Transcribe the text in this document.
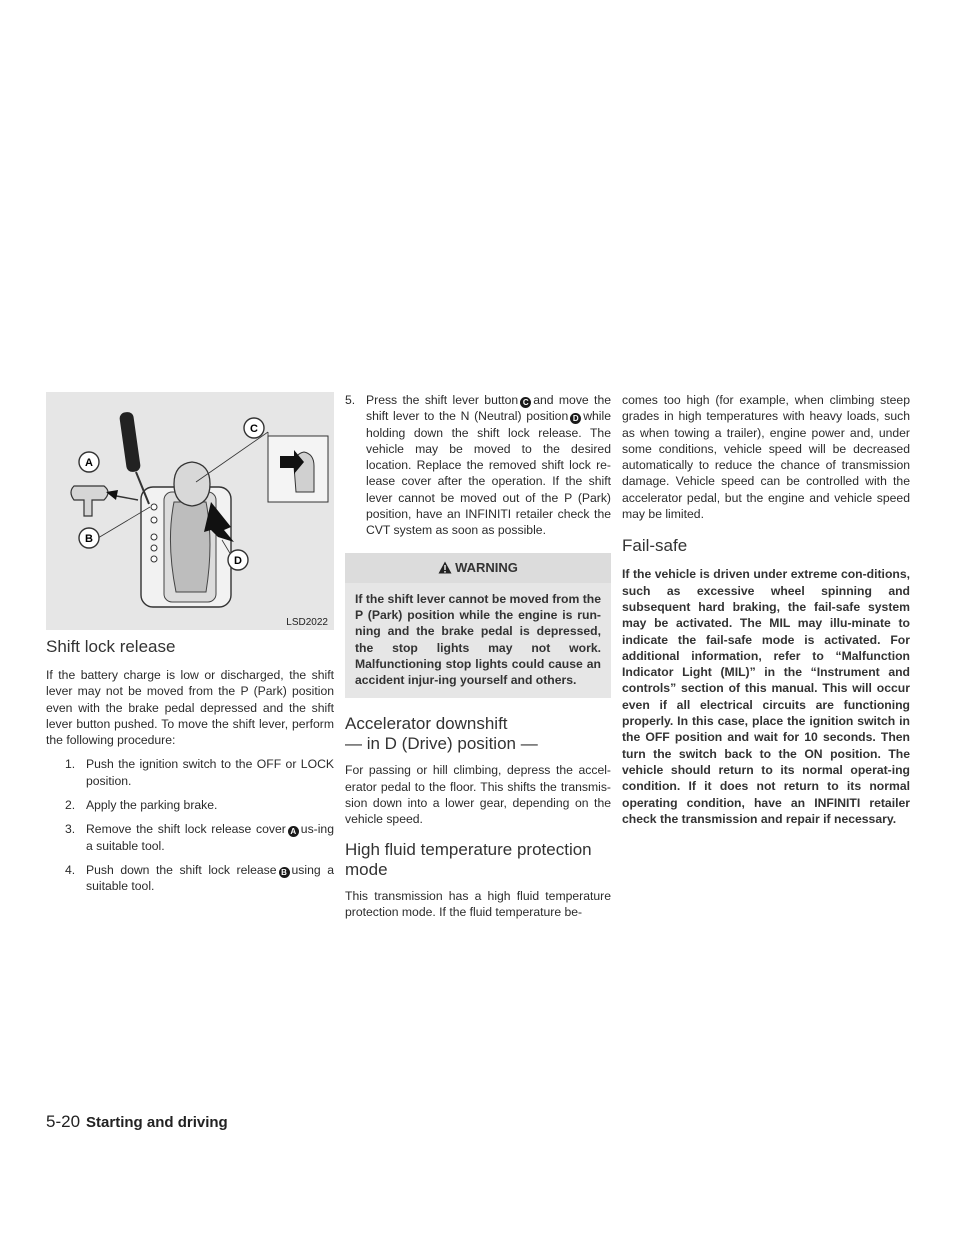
A
B
C
D
LSD2022
Shift lock release

If the battery charge is low or discharged, the shift lever may not be moved from the P (Park) position even with the brake pedal depressed and the shift lever button pushed. To move the shift lever, perform the following procedure:

1. Push the ignition switch to the OFF or LOCK position.
2. Apply the parking brake.
3. Remove the shift lock release cover A us-ing a suitable tool.
4. Push down the shift lock release B using a suitable tool.
5. Press the shift lever button C and move the shift lever to the N (Neutral) position D while holding down the shift lock release. The vehicle may be moved to the desired location. Replace the removed shift lock re-lease cover after the operation. If the shift lever cannot be moved out of the P (Park) position, have an INFINITI retailer check the CVT system as soon as possible.
WARNING

If the shift lever cannot be moved from the P (Park) position while the engine is run-ning and the brake pedal is depressed, the stop lights may not work. Malfunctioning stop lights could cause an accident injur-ing yourself and others.

Accelerator downshift
— in D (Drive) position —

For passing or hill climbing, depress the accel-erator pedal to the floor. This shifts the transmis-sion down into a lower gear, depending on the vehicle speed.

High fluid temperature protection
mode

This transmission has a high fluid temperature protection mode. If the fluid temperature be-

comes too high (for example, when climbing steep grades in high temperatures with heavy loads, such as when towing a trailer), engine power and, under some conditions, vehicle speed will be decreased automatically to reduce the chance of transmission damage. Vehicle speed can be controlled with the accelerator pedal, but the engine and vehicle speed may be limited.

Fail-safe

If the vehicle is driven under extreme con-ditions, such as excessive wheel spinning and subsequent hard braking, the fail-safe system may be activated. The MIL may illu-minate to indicate the fail-safe mode is activated. For additional information, refer to “Malfunction Indicator Light (MIL)” in the “Instrument and controls” section of this manual. This will occur even if all electrical circuits are functioning properly. In this case, place the ignition switch in the OFF position and wait for 10 seconds. Then turn the switch back to the ON position. The vehicle should return to its normal operat-ing condition. If it does not return to its normal operating condition, have an INFINITI retailer check the transmission and repair if necessary.

5-20 Starting and driving
